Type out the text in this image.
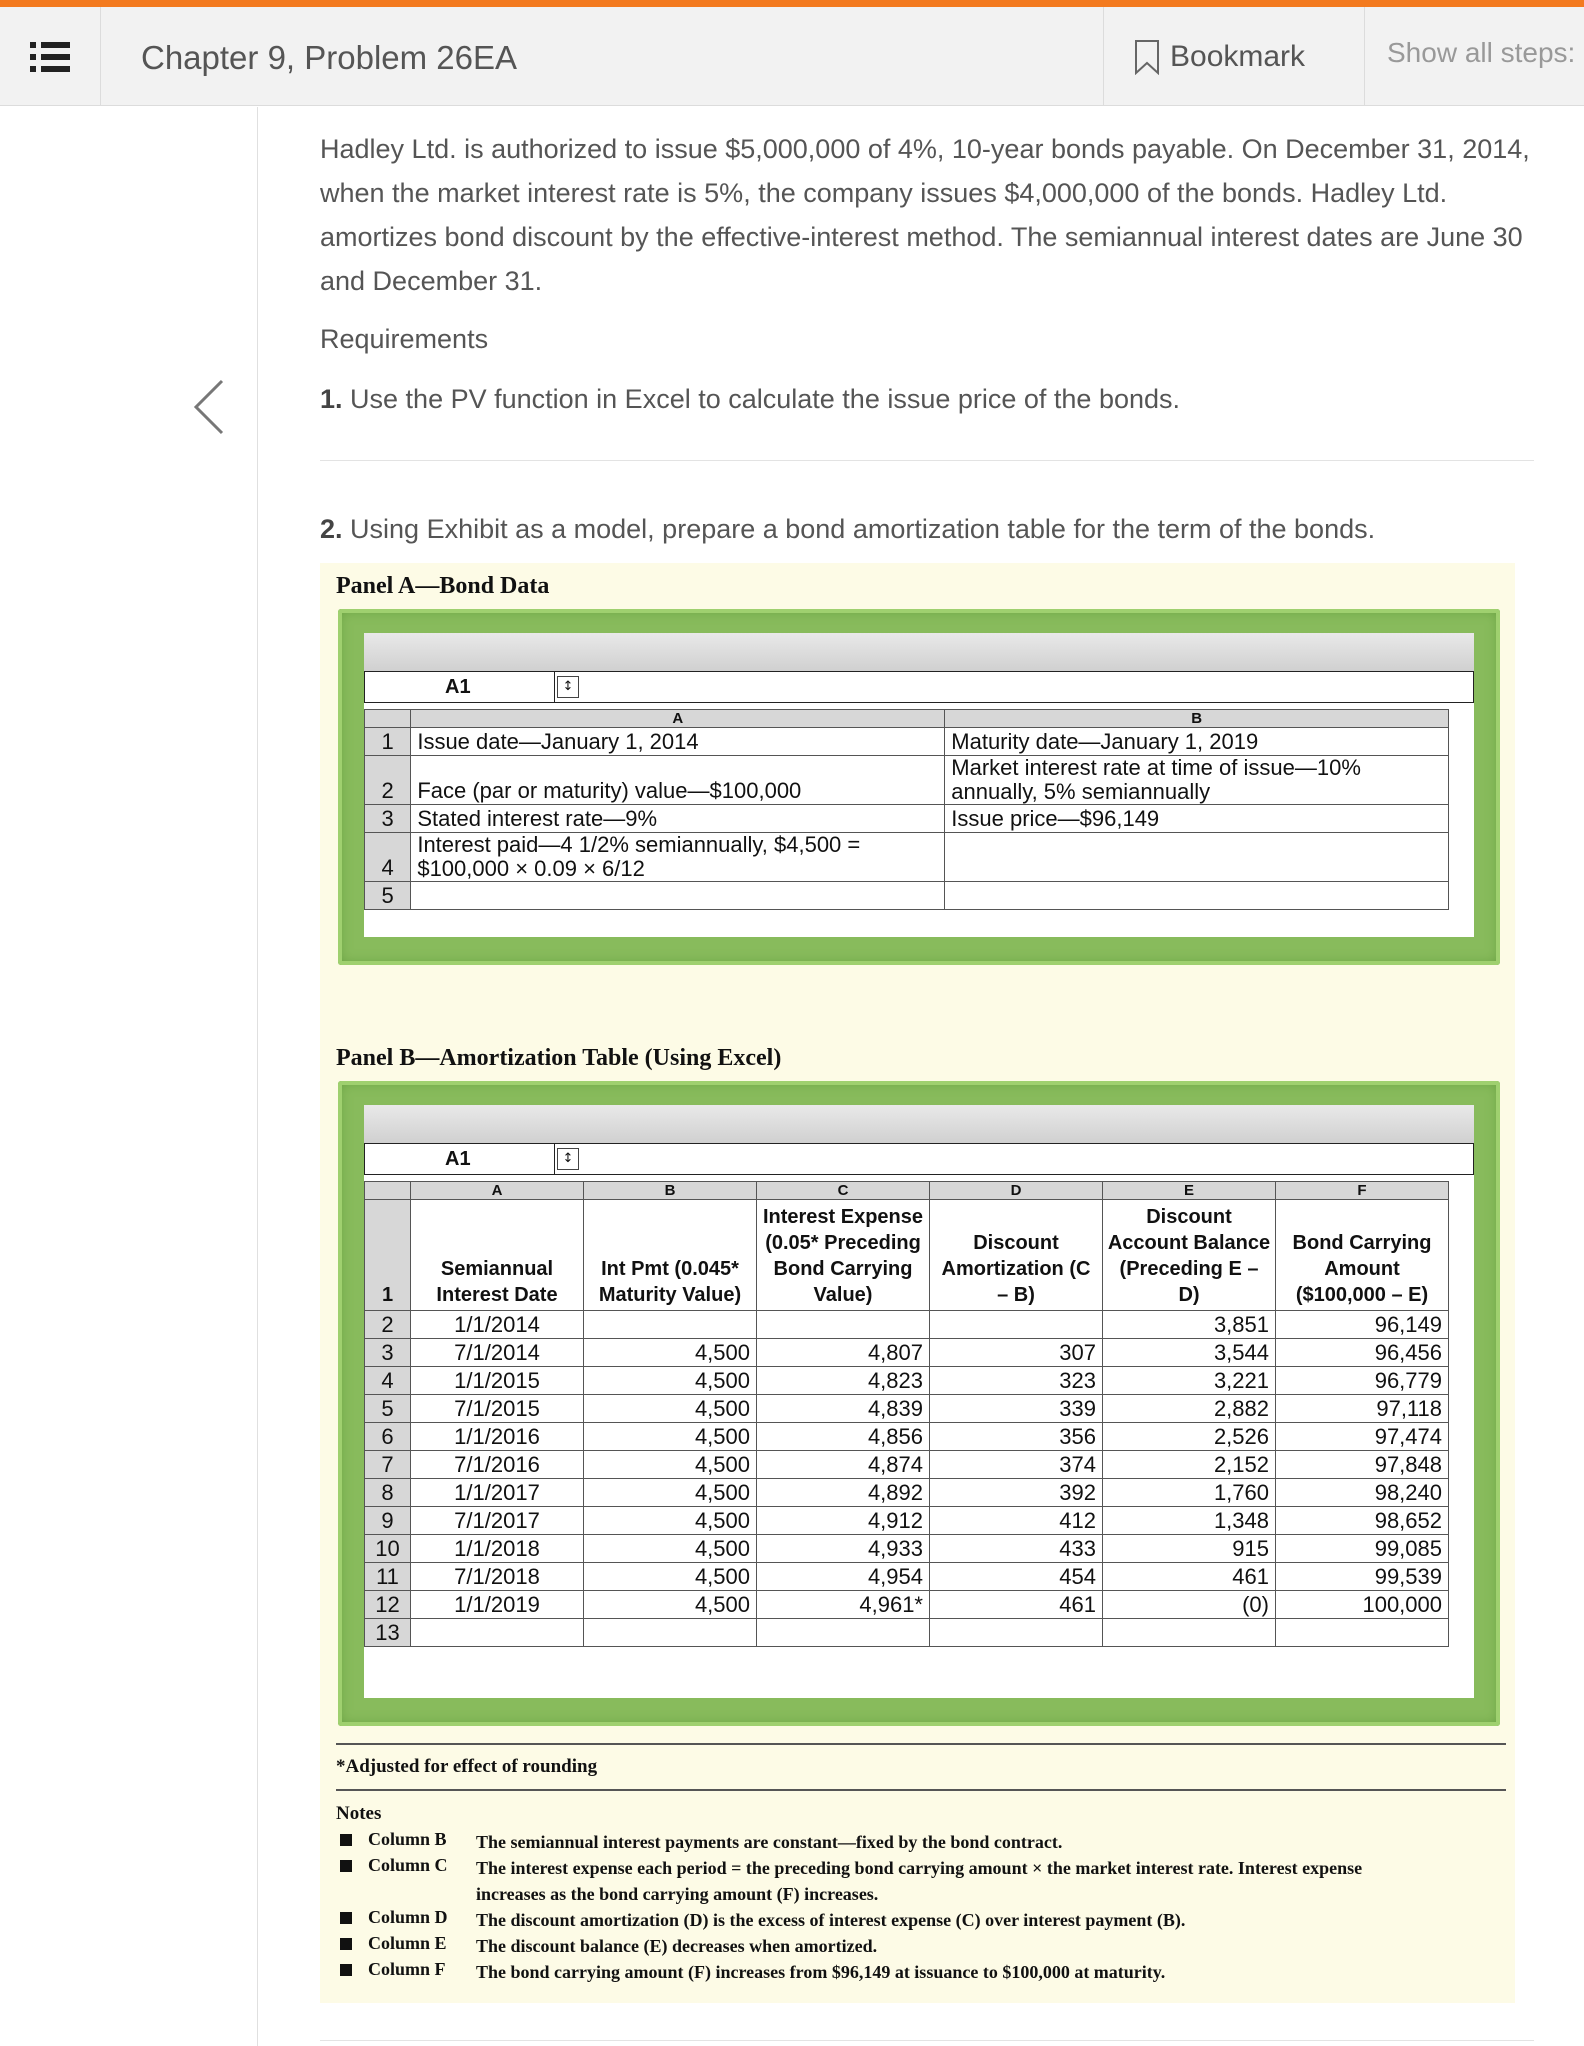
Chapter 9, Problem 26EA	Bookmark	Show all steps:

Hadley Ltd. is authorized to issue $5,000,000 of 4%, 10-year bonds payable. On December 31, 2014, when the market interest rate is 5%, the company issues $4,000,000 of the bonds. Hadley Ltd. amortizes bond discount by the effective-interest method. The semiannual interest dates are June 30 and December 31.

Requirements

1. Use the PV function in Excel to calculate the issue price of the bonds.

2. Using Exhibit as a model, prepare a bond amortization table for the term of the bonds.

Panel A—Bond Data
A1	↕
	A	B
1	Issue date—January 1, 2014	Maturity date—January 1, 2019
2	Face (par or maturity) value—$100,000	Market interest rate at time of issue—10% annually, 5% semiannually
3	Stated interest rate—9%	Issue price—$96,149
4	Interest paid—4 1/2% semiannually, $4,500 = $100,000 × 0.09 × 6/12	
5		
Panel B—Amortization Table (Using Excel)
A1	↕
	A	B	C	D	E	F
1	Semiannual Interest Date	Int Pmt (0.045* Maturity Value)	Interest Expense (0.05* Preceding Bond Carrying Value)	Discount Amortization (C – B)	Discount Account Balance (Preceding E – D)	Bond Carrying Amount ($100,000 – E)
2	1/1/2014				3,851	96,149
3	7/1/2014	4,500	4,807	307	3,544	96,456
4	1/1/2015	4,500	4,823	323	3,221	96,779
5	7/1/2015	4,500	4,839	339	2,882	97,118
6	1/1/2016	4,500	4,856	356	2,526	97,474
7	7/1/2016	4,500	4,874	374	2,152	97,848
8	1/1/2017	4,500	4,892	392	1,760	98,240
9	7/1/2017	4,500	4,912	412	1,348	98,652
10	1/1/2018	4,500	4,933	433	915	99,085
11	7/1/2018	4,500	4,954	454	461	99,539
12	1/1/2019	4,500	4,961*	461	(0)	100,000
13						
*Adjusted for effect of rounding
Notes
Column B	The semiannual interest payments are constant—fixed by the bond contract.
Column C	The interest expense each period = the preceding bond carrying amount × the market interest rate. Interest expense increases as the bond carrying amount (F) increases.
Column D	The discount amortization (D) is the excess of interest expense (C) over interest payment (B).
Column E	The discount balance (E) decreases when amortized.
Column F	The bond carrying amount (F) increases from $96,149 at issuance to $100,000 at maturity.
